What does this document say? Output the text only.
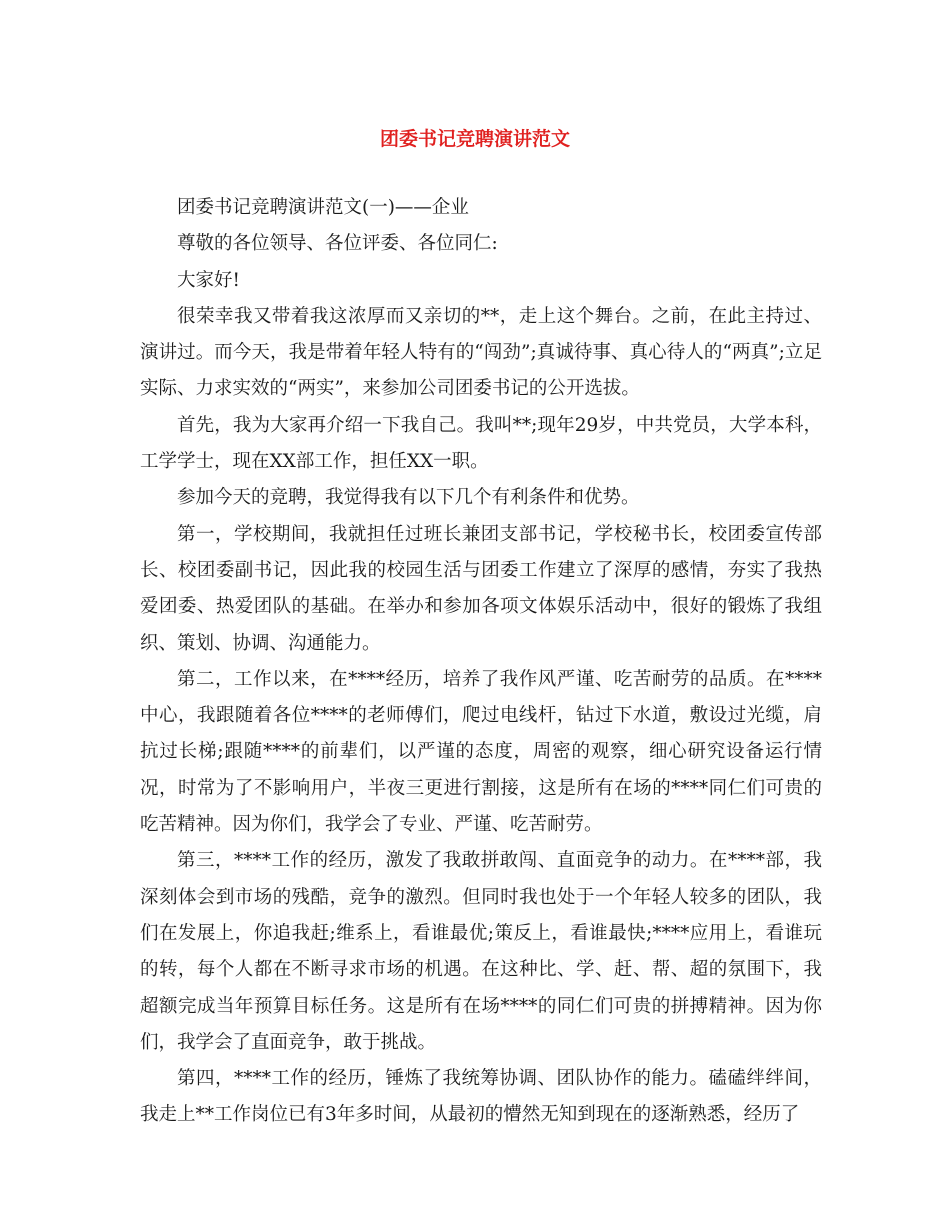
团委书记竞聘演讲范文

团委书记竞聘演讲范文(一)——企业

尊敬的各位领导、各位评委、各位同仁:

大家好!

很荣幸我又带着我这浓厚而又亲切的**，走上这个舞台。之前，在此主持过、演讲过。而今天，我是带着年轻人特有的“闯劲”;真诚待事、真心待人的“两真”;立足实际、力求实效的“两实”，来参加公司团委书记的公开选拔。

首先，我为大家再介绍一下我自己。我叫**;现年29岁，中共党员，大学本科，工学学士，现在XX部工作，担任XX一职。

参加今天的竞聘，我觉得我有以下几个有利条件和优势。

第一，学校期间，我就担任过班长兼团支部书记，学校秘书长，校团委宣传部长、校团委副书记，因此我的校园生活与团委工作建立了深厚的感情，夯实了我热爱团委、热爱团队的基础。在举办和参加各项文体娱乐活动中，很好的锻炼了我组织、策划、协调、沟通能力。

第二，工作以来，在****经历，培养了我作风严谨、吃苦耐劳的品质。在****中心，我跟随着各位****的老师傅们，爬过电线杆，钻过下水道，敷设过光缆，肩抗过长梯;跟随****的前辈们，以严谨的态度，周密的观察，细心研究设备运行情况，时常为了不影响用户，半夜三更进行割接，这是所有在场的****同仁们可贵的吃苦精神。因为你们，我学会了专业、严谨、吃苦耐劳。

第三，****工作的经历，激发了我敢拼敢闯、直面竞争的动力。在****部，我深刻体会到市场的残酷，竞争的激烈。但同时我也处于一个年轻人较多的团队，我们在发展上，你追我赶;维系上，看谁最优;策反上，看谁最快;****应用上，看谁玩的转，每个人都在不断寻求市场的机遇。在这种比、学、赶、帮、超的氛围下，我超额完成当年预算目标任务。这是所有在场****的同仁们可贵的拼搏精神。因为你们，我学会了直面竞争，敢于挑战。

第四，****工作的经历，锤炼了我统筹协调、团队协作的能力。磕磕绊绊间，我走上**工作岗位已有3年多时间，从最初的懵然无知到现在的逐渐熟悉，经历了
